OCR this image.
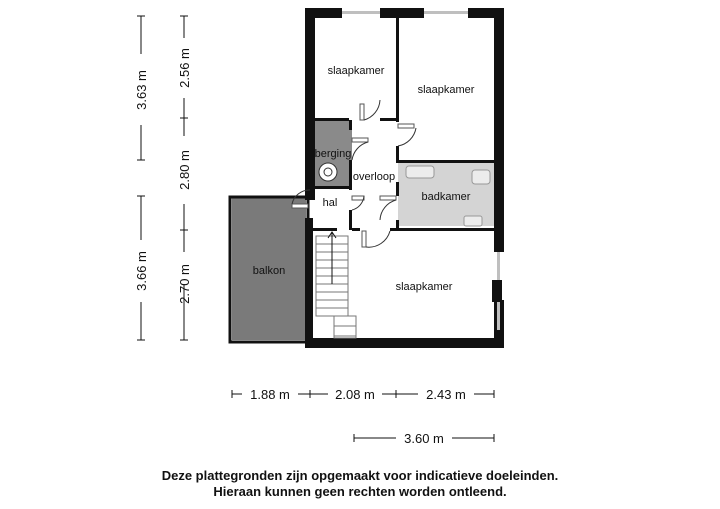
slaapkamer
slaapkamer
berging
overloop
badkamer
hal
balkon
slaapkamer
3.63 m
3.66 m
2.56 m
2.80 m
2.70 m
1.88 m	2.08 m	2.43 m
3.60 m
Deze plattegronden zijn opgemaakt voor indicatieve doeleinden.
Hieraan kunnen geen rechten worden ontleend.
